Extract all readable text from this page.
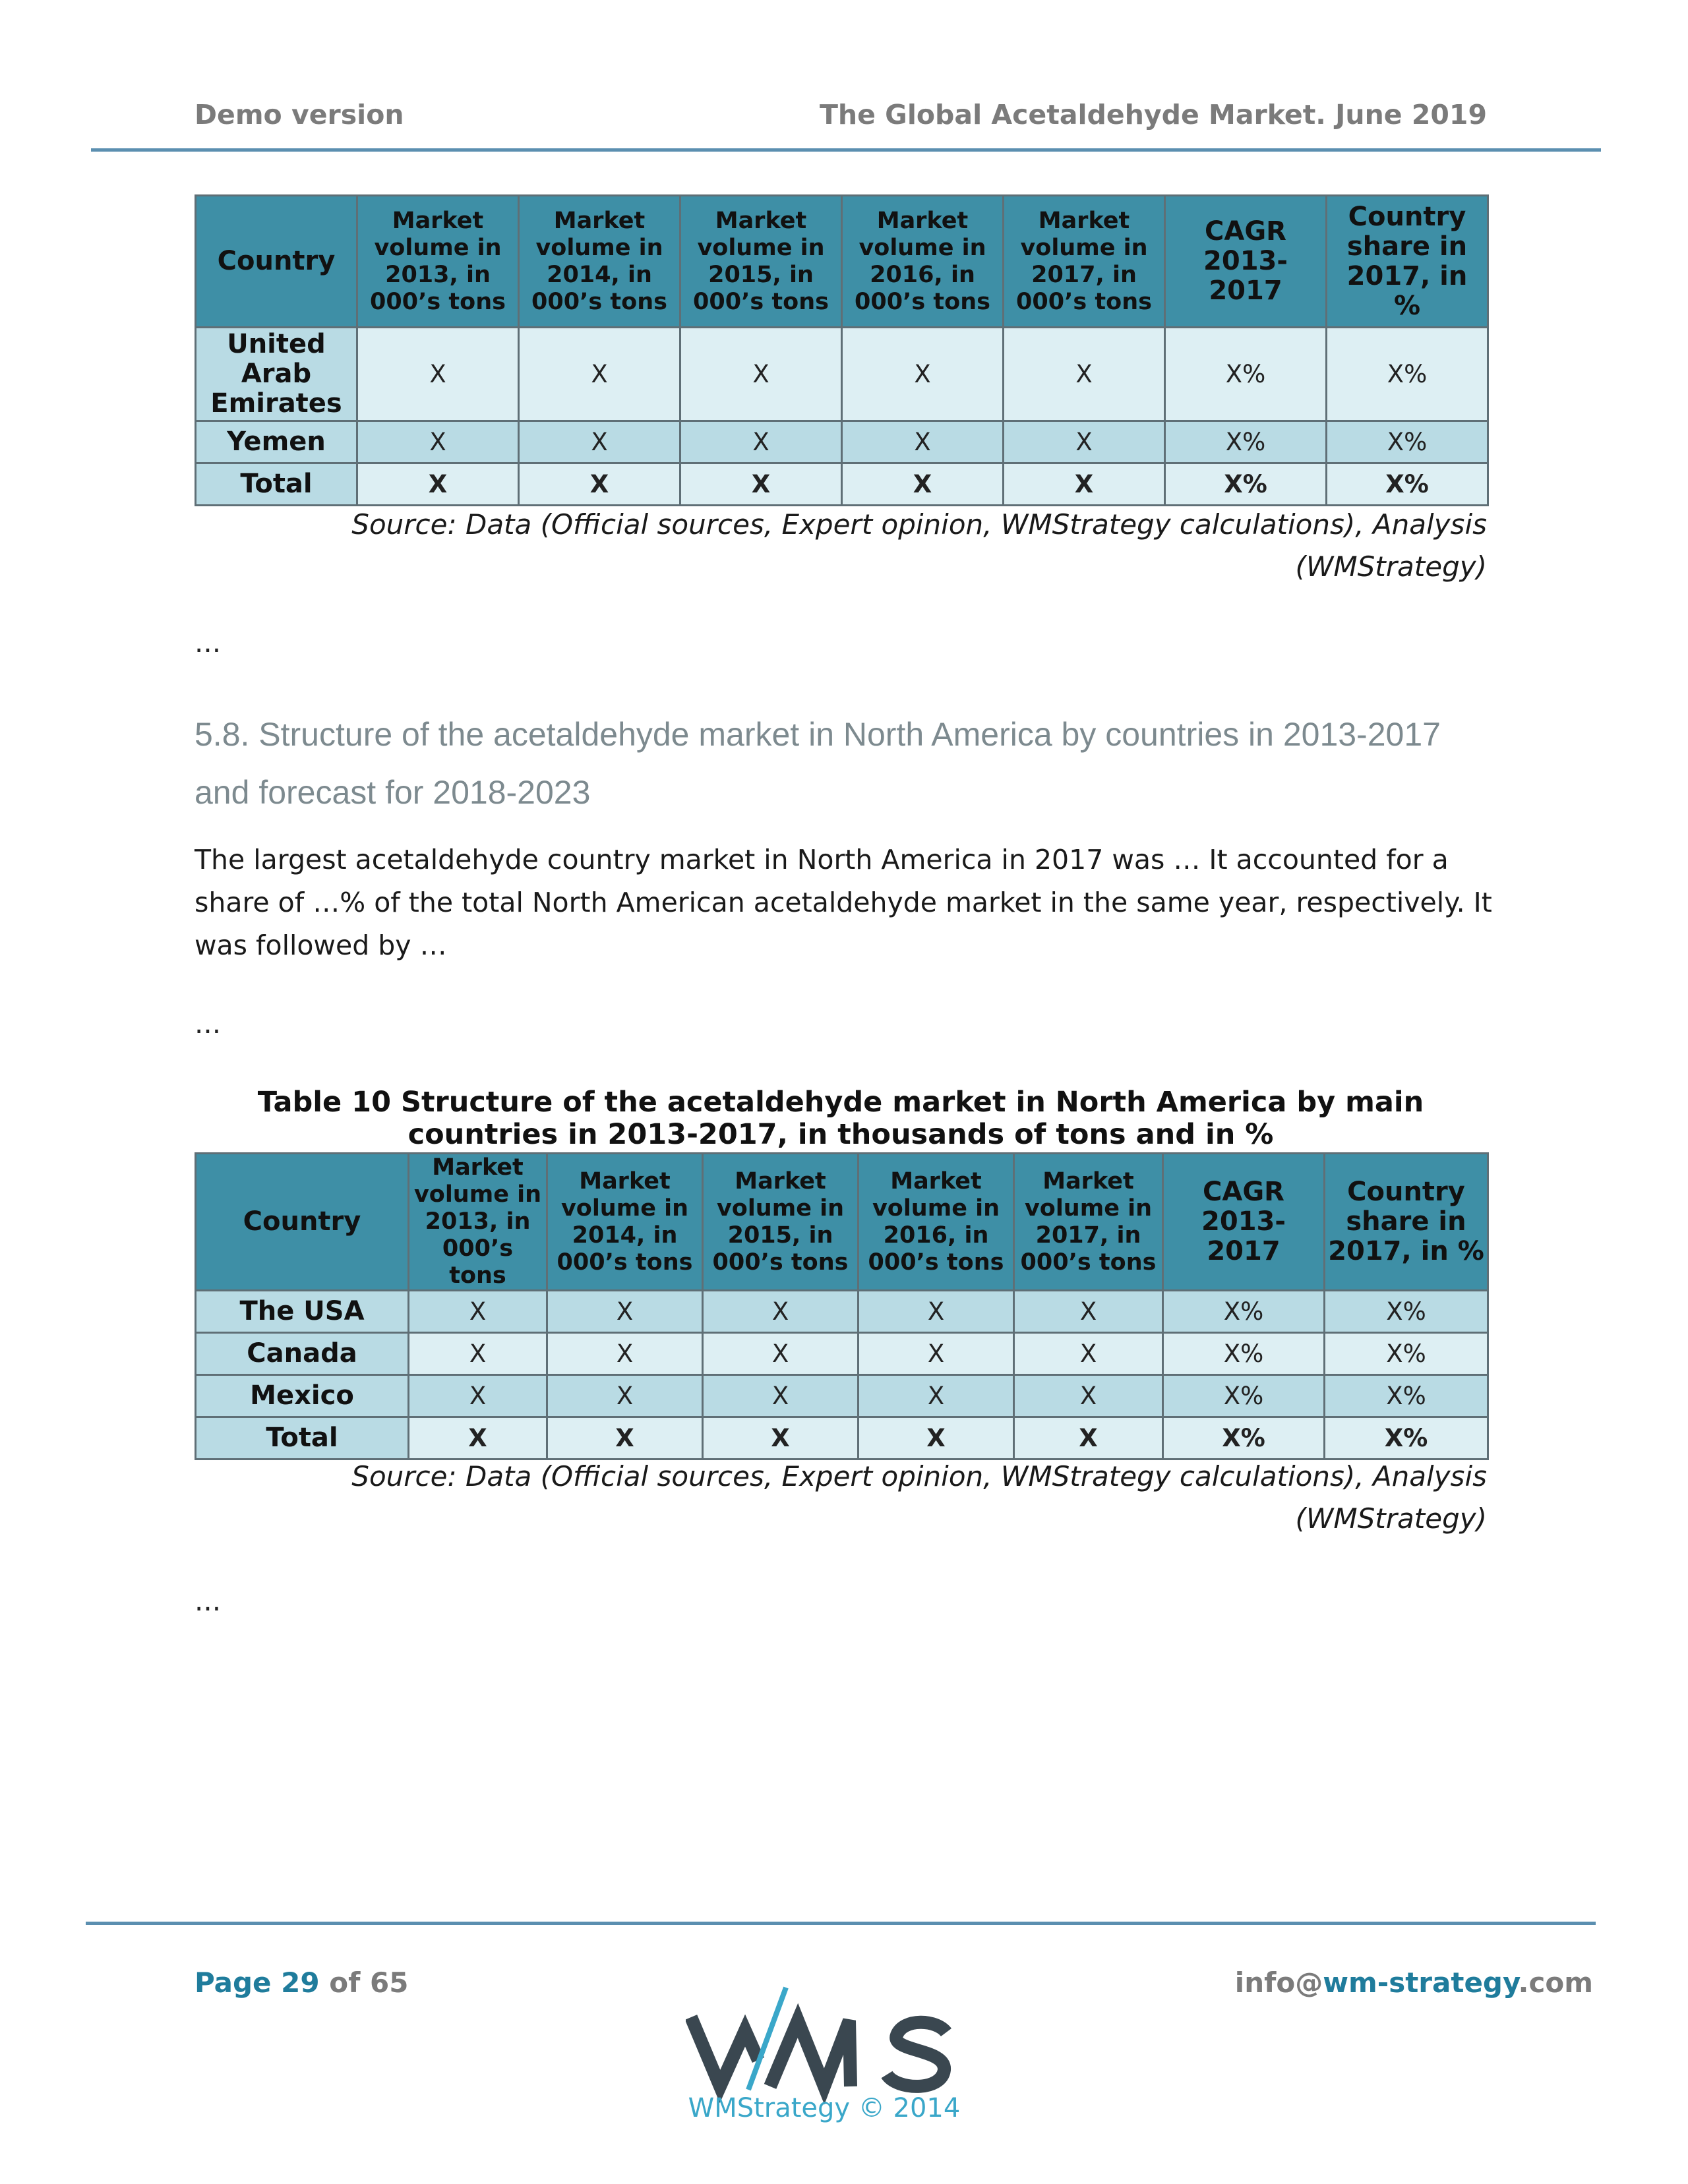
Demo version	The Global Acetaldehyde Market. June 2019
Country	Market volume in 2013, in 000’s tons	Market volume in 2014, in 000’s tons	Market volume in 2015, in 000’s tons	Market volume in 2016, in 000’s tons	Market volume in 2017, in 000’s tons	CAGR 2013-2017	Country share in 2017, in %
United Arab Emirates	X	X	X	X	X	X%	X%
Yemen	X	X	X	X	X	X%	X%
Total	X	X	X	X	X	X%	X%
Source: Data (Official sources, Expert opinion, WMStrategy calculations), Analysis (WMStrategy)
...
5.8. Structure of the acetaldehyde market in North America by countries in 2013-2017 and forecast for 2018-2023
The largest acetaldehyde country market in North America in 2017 was … It accounted for a share of …% of the total North American acetaldehyde market in the same year, respectively. It was followed by …
...
Table 10 Structure of the acetaldehyde market in North America by main countries in 2013-2017, in thousands of tons and in %
Country	Market volume in 2013, in 000’s tons	Market volume in 2014, in 000’s tons	Market volume in 2015, in 000’s tons	Market volume in 2016, in 000’s tons	Market volume in 2017, in 000’s tons	CAGR 2013-2017	Country share in 2017, in %
The USA	X	X	X	X	X	X%	X%
Canada	X	X	X	X	X	X%	X%
Mexico	X	X	X	X	X	X%	X%
Total	X	X	X	X	X	X%	X%
Source: Data (Official sources, Expert opinion, WMStrategy calculations), Analysis (WMStrategy)
...
Page 29 of 65	info@wm-strategy.com
WMStrategy © 2014
